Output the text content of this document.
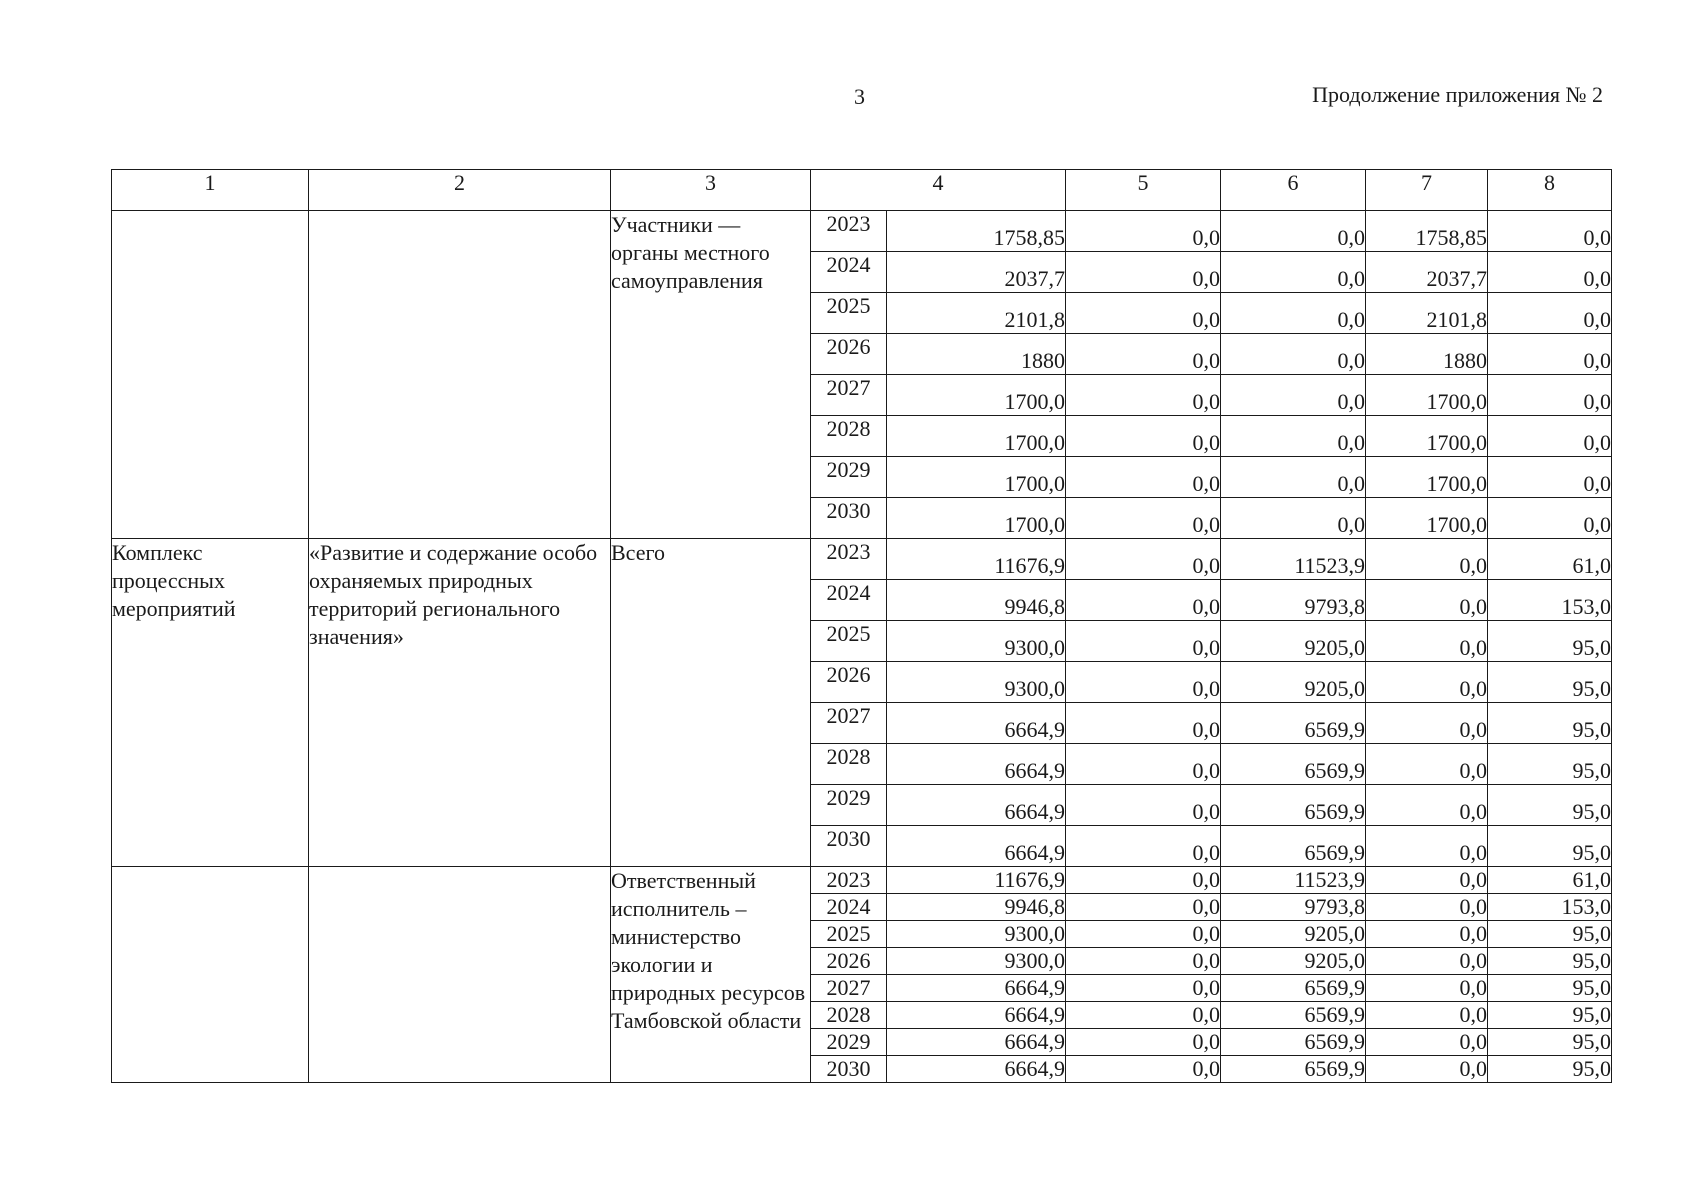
3	Продолжение приложения № 2
1	2	3	4		5	6	7	8
		Участники — органы местного самоуправления	2023	1758,85	0,0	0,0	1758,85	0,0
			2024	2037,7	0,0	0,0	2037,7	0,0
			2025	2101,8	0,0	0,0	2101,8	0,0
			2026	1880	0,0	0,0	1880	0,0
			2027	1700,0	0,0	0,0	1700,0	0,0
			2028	1700,0	0,0	0,0	1700,0	0,0
			2029	1700,0	0,0	0,0	1700,0	0,0
			2030	1700,0	0,0	0,0	1700,0	0,0
Комплекс процессных мероприятий	«Развитие и содержание особо охраняемых природных территорий регионального значения»	Всего	2023	11676,9	0,0	11523,9	0,0	61,0
			2024	9946,8	0,0	9793,8	0,0	153,0
			2025	9300,0	0,0	9205,0	0,0	95,0
			2026	9300,0	0,0	9205,0	0,0	95,0
			2027	6664,9	0,0	6569,9	0,0	95,0
			2028	6664,9	0,0	6569,9	0,0	95,0
			2029	6664,9	0,0	6569,9	0,0	95,0
			2030	6664,9	0,0	6569,9	0,0	95,0
		Ответственный исполнитель – министерство экологии и природных ресурсов Тамбовской области	2023	11676,9	0,0	11523,9	0,0	61,0
			2024	9946,8	0,0	9793,8	0,0	153,0
			2025	9300,0	0,0	9205,0	0,0	95,0
			2026	9300,0	0,0	9205,0	0,0	95,0
			2027	6664,9	0,0	6569,9	0,0	95,0
			2028	6664,9	0,0	6569,9	0,0	95,0
			2029	6664,9	0,0	6569,9	0,0	95,0
			2030	6664,9	0,0	6569,9	0,0	95,0
